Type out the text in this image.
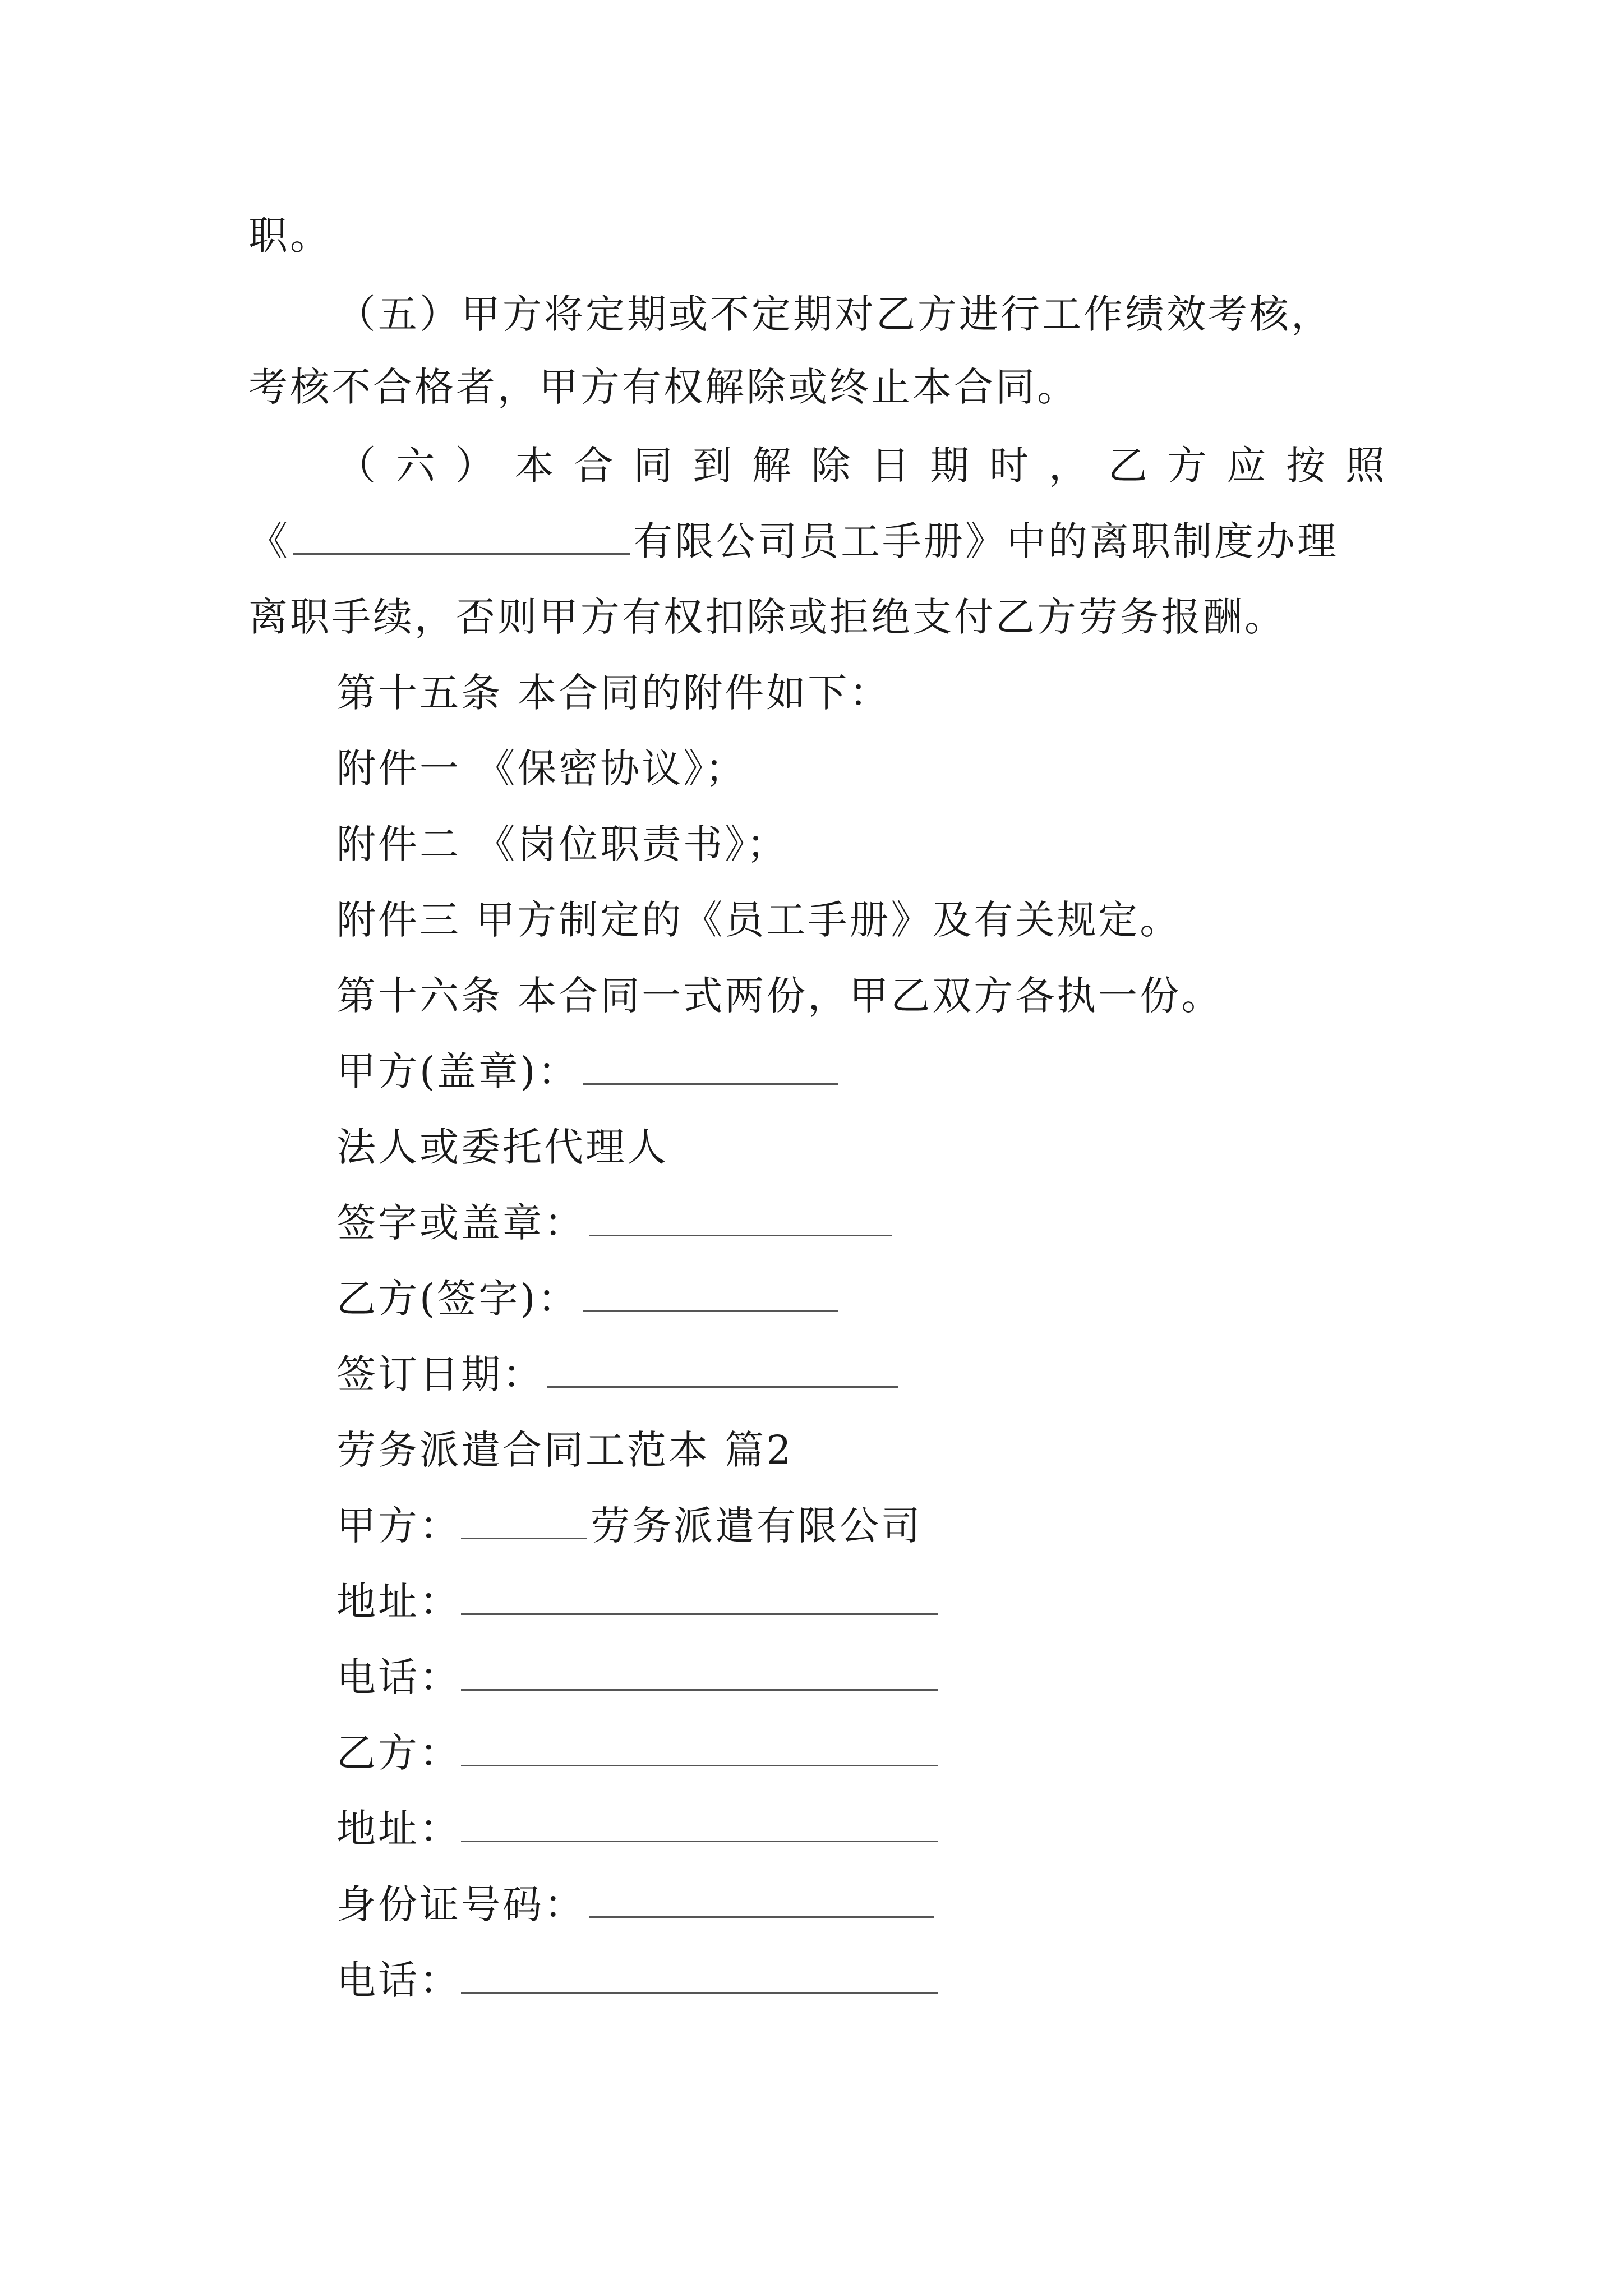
职。
（五）甲方将定期或不定期对乙方进行工作绩效考核，
考核不合格者，甲方有权解除或终止本合同。
（六）本合同到解除日期时，乙方应按照
《	有限公司员工手册》中的离职制度办理
离职手续，否则甲方有权扣除或拒绝支付乙方劳务报酬。
第十五条 本合同的附件如下：
附件一 《保密协议》；
附件二 《岗位职责书》；
附件三 甲方制定的《员工手册》及有关规定。
第十六条 本合同一式两份，甲乙双方各执一份。
甲方(盖章)：
法人或委托代理人
签字或盖章：
乙方(签字)：
签订日期：
劳务派遣合同工范本 篇2
甲方：	劳务派遣有限公司
地址：
电话：
乙方：
地址：
身份证号码：
电话：
